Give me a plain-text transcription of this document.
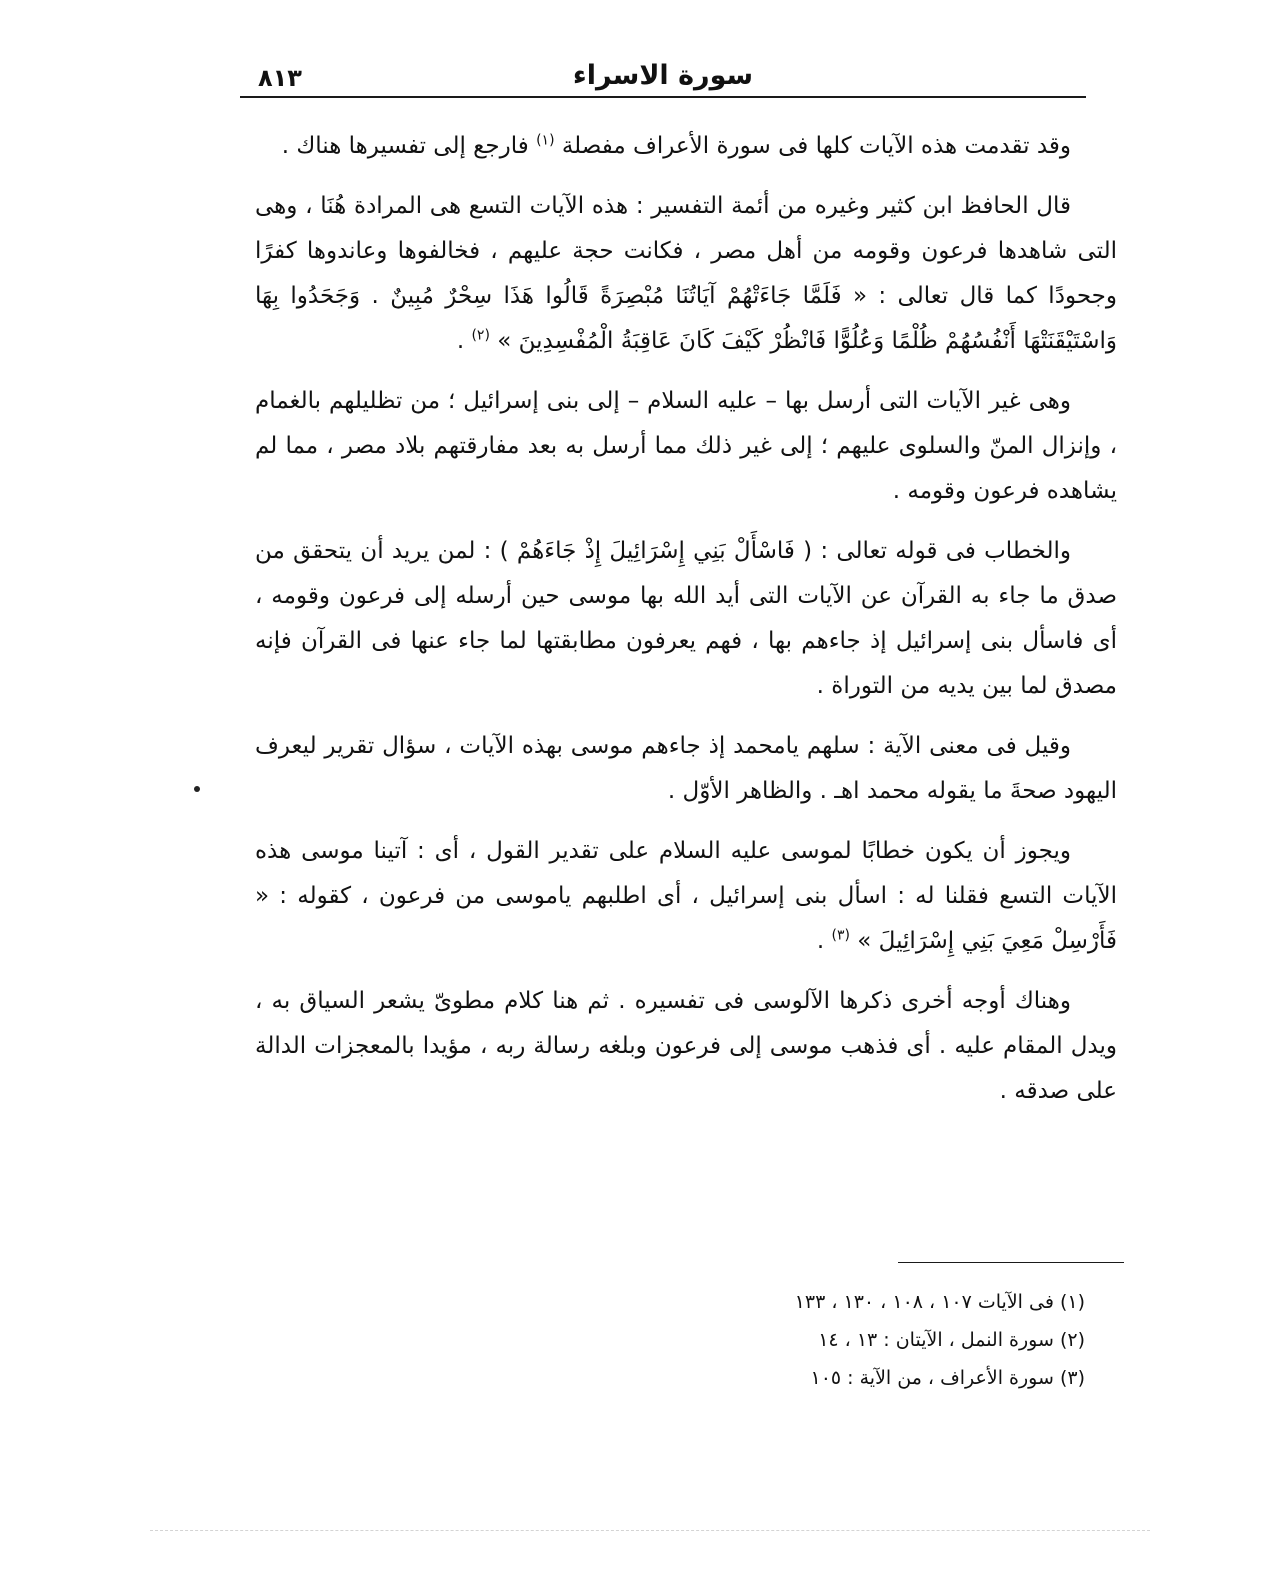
٨١٣	سورة الاسراء

وقد تقدمت هذه الآيات كلها فى سورة الأعراف مفصلة $^{(١)}$ فارجع إلى تفسيرها هناك .

قال الحافظ ابن كثير وغيره من أئمة التفسير : هذه الآيات التسع هى المرادة هُنَا ، وهى التى شاهدها فرعون وقومه من أهل مصر ، فكانت حجة عليهم ، فخالفوها وعاندوها كفرًا وجحودًا كما قال تعالى : « فَلَمَّا جَاءَتْهُمْ آيَاتُنَا مُبْصِرَةً قَالُوا هَذَا سِحْرٌ مُبِينٌ . وَجَحَدُوا بِهَا وَاسْتَيْقَنَتْهَا أَنْفُسُهُمْ ظُلْمًا وَعُلُوًّا فَانْظُرْ كَيْفَ كَانَ عَاقِبَةُ الْمُفْسِدِينَ » $^{(٢)}$ .

وهى غير الآيات التى أرسل بها – عليه السلام – إلى بنى إسرائيل ؛ من تظليلهم بالغمام ، وإنزال المنّ والسلوى عليهم ؛ إلى غير ذلك مما أرسل به بعد مفارقتهم بلاد مصر ، مما لم يشاهده فرعون وقومه .

والخطاب فى قوله تعالى : ( فَاسْأَلْ بَنِي إِسْرَائِيلَ إِذْ جَاءَهُمْ ) : لمن يريد أن يتحقق من صدق ما جاء به القرآن عن الآيات التى أيد الله بها موسى حين أرسله إلى فرعون وقومه ، أى فاسأل بنى إسرائيل إذ جاءهم بها ، فهم يعرفون مطابقتها لما جاء عنها فى القرآن فإنه مصدق لما بين يديه من التوراة .

وقيل فى معنى الآية : سلهم يامحمد إذ جاءهم موسى بهذه الآيات ، سؤال تقرير ليعرف اليهود صحةَ ما يقوله محمد اهـ . والظاهر الأوّل .

ويجوز أن يكون خطابًا لموسى عليه السلام على تقدير القول ، أى : آتينا موسى هذه الآيات التسع فقلنا له : اسأل بنى إسرائيل ، أى اطلبهم ياموسى من فرعون ، كقوله : « فَأَرْسِلْ مَعِيَ بَنِي إِسْرَائِيلَ » $^{(٣)}$ .

وهناك أوجه أخرى ذكرها الآلوسى فى تفسيره . ثم هنا كلام مطوىّ يشعر السياق به ، ويدل المقام عليه . أى فذهب موسى إلى فرعون وبلغه رسالة ربه ، مؤيدا بالمعجزات الدالة على صدقه .

(١) فى الآيات ١٠٧ ، ١٠٨ ، ١٣٠ ، ١٣٣
(٢) سورة النمل ، الآيتان : ١٣ ، ١٤
(٣) سورة الأعراف ، من الآية : ١٠٥
